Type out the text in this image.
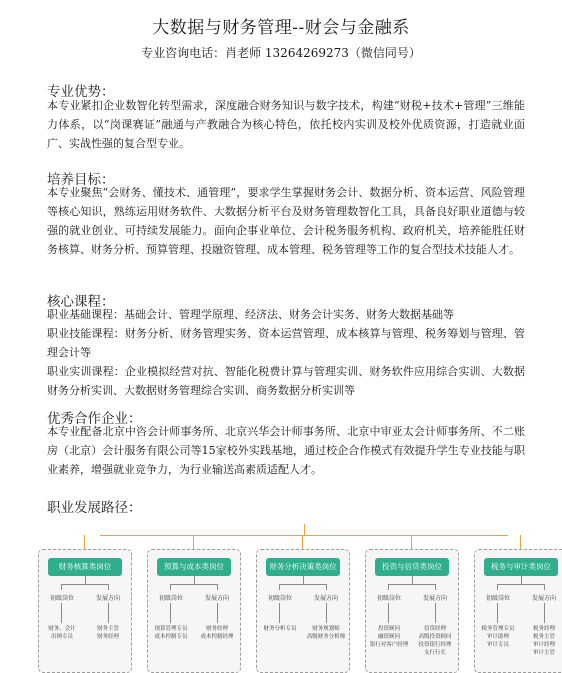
大数据与财务管理--财会与金融系
专业咨询电话：肖老师 13264269273（微信同号）
专业优势：
本专业紧扣企业数智化转型需求，深度融合财务知识与数字技术，构建“财税+技术+管理”三维能力体系，以“岗课赛证”融通与产教融合为核心特色，依托校内实训及校外优质资源，打造就业面广、实战性强的复合型专业。
培养目标：
本专业聚焦“会财务、懂技术、通管理”，要求学生掌握财务会计、数据分析、资本运营、风险管理等核心知识，熟练运用财务软件、大数据分析平台及财务管理数智化工具，具备良好职业道德与较强的就业创业、可持续发展能力。面向企事业单位、会计税务服务机构、政府机关，培养能胜任财务核算、财务分析、预算管理、投融资管理、成本管理、税务管理等工作的复合型技术技能人才。
核心课程：

职业基础课程：基础会计、管理学原理、经济法、财务会计实务、财务大数据基础等

职业技能课程：财务分析、财务管理实务、资本运营管理、成本核算与管理、税务筹划与管理、管理会计等

职业实训课程：企业模拟经营对抗、智能化税费计算与管理实训、财务软件应用综合实训、大数据财务分析实训、大数据财务管理综合实训、商务数据分析实训等

优秀合作企业：
本专业配备北京中咨会计师事务所、北京兴华会计师事务所、北京中审亚太会计师事务所、不二账房（北京）会计服务有限公司等15家校外实践基地，通过校企合作模式有效提升学生专业技能与职业素养，增强就业竞争力，为行业输送高素质适配人才。
职业发展路径：
财务核算类岗位
初级岗位
财务、会计
出纳专员
发展方向
财务主管
财务经理
预算与成本类岗位
初级岗位
预算管理专员
成本控制专员
发展方向
财务经理
成本控制经理
财务分析决策类岗位
初级岗位
财务分析专员
发展方向
财务规划师
高级财务分析师
投资与信贷类岗位
初级岗位
投资顾问
融资顾问
银行对客户经理
发展方向
信贷经理
高级投资顾问
投资银行经理
支行行长
税务与审计类岗位
初级岗位
税务管理专员
审计助理
审计专员
发展方向
税务经理
税务主管
审计经理
审计主管
